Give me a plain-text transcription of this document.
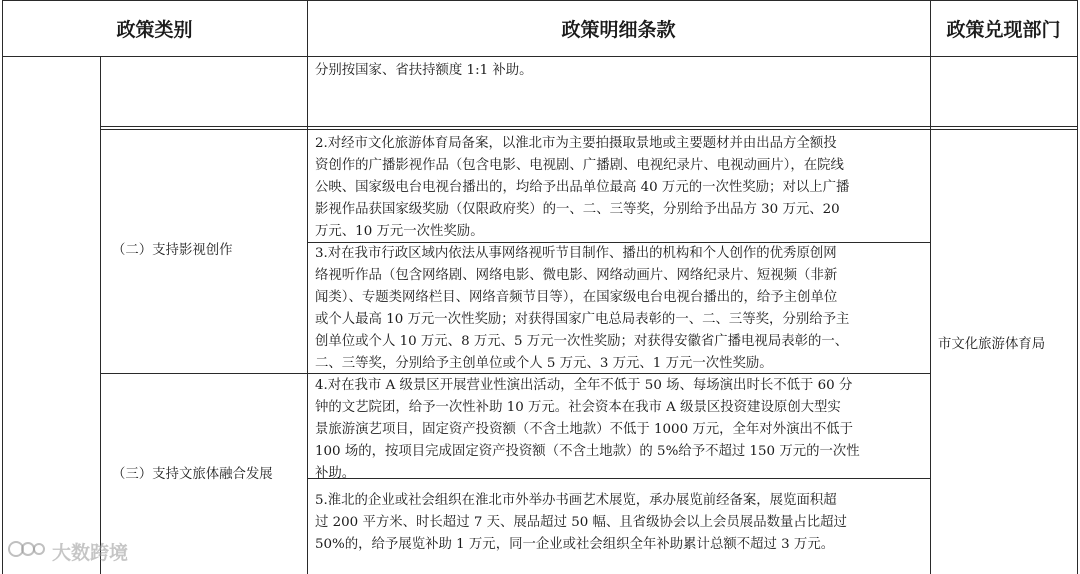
政策类别	政策明细条款	政策兑现部门
分别按国家、省扶持额度 1:1 补助。
（二）支持影视创作
2.对经市文化旅游体育局备案，以淮北市为主要拍摄取景地或主要题材并由出品方全额投
资创作的广播影视作品（包含电影、电视剧、广播剧、电视纪录片、电视动画片），在院线
公映、国家级电台电视台播出的，均给予出品单位最高 40 万元的一次性奖励；对以上广播
影视作品获国家级奖励（仅限政府奖）的一、二、三等奖，分别给予出品方 30 万元、20
万元、10 万元一次性奖励。
3.对在我市行政区域内依法从事网络视听节目制作、播出的机构和个人创作的优秀原创网
络视听作品（包含网络剧、网络电影、微电影、网络动画片、网络纪录片、短视频（非新
闻类）、专题类网络栏目、网络音频节目等），在国家级电台电视台播出的，给予主创单位
或个人最高 10 万元一次性奖励；对获得国家广电总局表彰的一、二、三等奖，分别给予主
创单位或个人 10 万元、8 万元、5 万元一次性奖励；对获得安徽省广播电视局表彰的一、
二、三等奖，分别给予主创单位或个人 5 万元、3 万元、1 万元一次性奖励。
市文化旅游体育局
（三）支持文旅体融合发展
4.对在我市 A 级景区开展营业性演出活动，全年不低于 50 场、每场演出时长不低于 60 分
钟的文艺院团，给予一次性补助 10 万元。社会资本在我市 A 级景区投资建设原创大型实
景旅游演艺项目，固定资产投资额（不含土地款）不低于 1000 万元，全年对外演出不低于
100 场的，按项目完成固定资产投资额（不含土地款）的 5%给予不超过 150 万元的一次性
补助。
5.淮北的企业或社会组织在淮北市外举办书画艺术展览，承办展览前经备案，展览面积超
过 200 平方米、时长超过 7 天、展品超过 50 幅、且省级协会以上会员展品数量占比超过
50%的，给予展览补助 1 万元，同一企业或社会组织全年补助累计总额不超过 3 万元。
大数跨境
